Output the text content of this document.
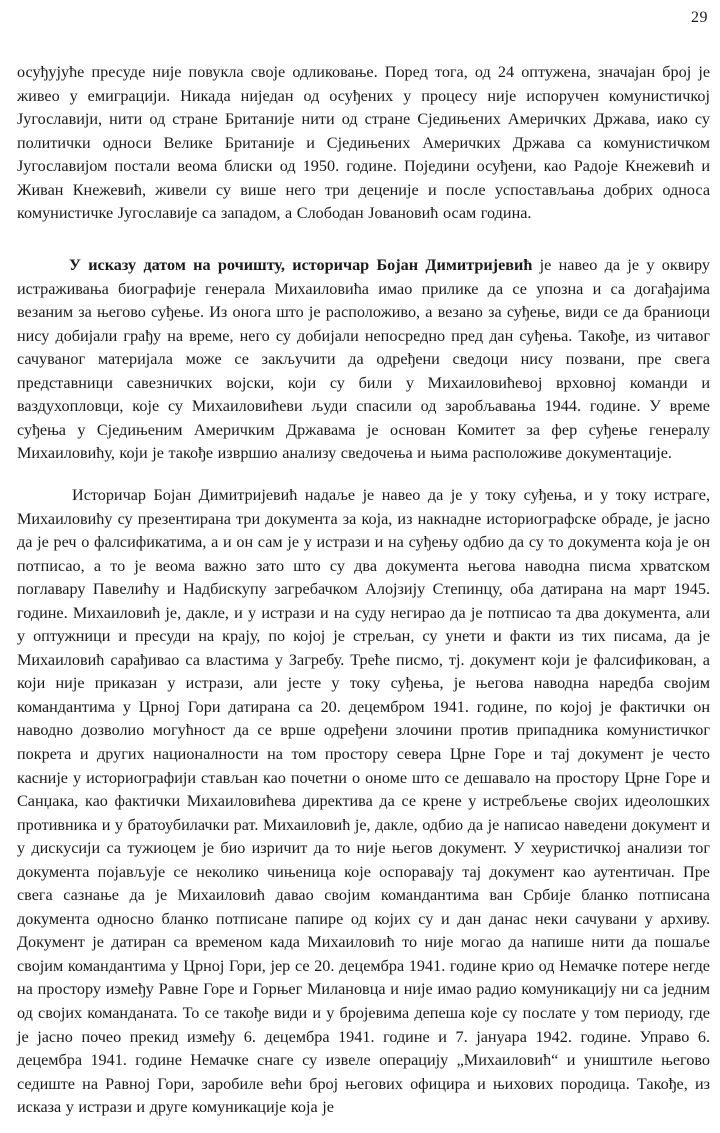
29

осуђујуће пресуде није повукла своје одликовање. Поред тога, од 24 оптужена, значајан број је живео у емиграцији. Никада ниједан од осуђених у процесу није испоручен комунистичкој Југославији, нити од стране Британије нити од стране Сједињених Америчких Држава, иако су политички односи Велике Британије и Сједињених Америчких Држава са комунистичком Југославијом постали веома блиски од 1950. године. Поједини осуђени, као Радоје Кнежевић и Живан Кнежевић, живели су више него три деценије и после успостављања добрих односа комунистичке Југославије са западом, а Слободан Јовановић осам година.

У исказу датом на рочишту, историчар Бојан Димитријевић је навео да је у оквиру истраживања биографије генерала Михаиловића имао прилике да се упозна и са догађајима везаним за његово суђење. Из онога што је расположиво, а везано за суђење, види се да браниоци нису добијали грађу на време, него су добијали непосредно пред дан суђења. Такође, из читавог сачуваног материјала може се закључити да одређени сведоци нису позвани, пре свега представници савезничких војски, који су били у Михаиловићевој врховној команди и ваздухопловци, које су Михаиловићеви људи спасили од заробљавања 1944. године. У време суђења у Сједињеним Америчким Државама је основан Комитет за фер суђење генералу Михаиловићу, који је такође извршио анализу сведочења и њима расположиве документације.

Историчар Бојан Димитријевић надаље је навео да је у току суђења, и у току истраге, Михаиловићу су презентирана три документа за која, из накнадне историографске обраде, је јасно да је реч о фалсификатима, а и он сам је у истрази и на суђењу одбио да су то документа која је он потписао, а то је веома важно зато што су два документа његова наводна писма хрватском поглавару Павелићу и Надбискупу загребачком Алојзију Степинцу, оба датирана на март 1945. године. Михаиловић је, дакле, и у истрази и на суду негирао да је потписао та два документа, али у оптужници и пресуди на крају, по којој је стрељан, су унети и факти из тих писама, да је Михаиловић сарађивао са властима у Загребу. Треће писмо, тј. документ који је фалсификован, а који није приказан у истрази, али јесте у току суђења, је његова наводна наредба својим командантима у Црној Гори датирана са 20. децембром 1941. године, по којој је фактички он наводно дозволио могућност да се врше одређени злочини против припадника комунистичког покрета и других националности на том простору севера Црне Горе и тај документ је често касније у историографији стављан као почетни о ономе што се дешавало на простору Црне Горе и Санџака, као фактички Михаиловићева директива да се крене у истребљење својих идеолошких противника и у братоубилачки рат. Михаиловић је, дакле, одбио да је написао наведени документ и у дискусији са тужиоцем је био изричит да то није његов документ. У хеуристичкој анализи тог документа појављује се неколико чињеница које оспоравају тај документ као аутентичан. Пре свега сазнање да је Михаиловић давао својим командантима ван Србије бланко потписана документа односно бланко потписане папире од којих су и дан данас неки сачувани у архиву. Документ је датиран са временом када Михаиловић то није могао да напише нити да пошаље својим командантима у Црној Гори, јер се 20. децембра 1941. године крио од Немачке потере негде на простору између Равне Горе и Горњег Милановца и није имао радио комуникацију ни са једним од својих команданата. То се такође види и у бројевима депеша које су послате у том периоду, где је јасно почео прекид између 6. децембра 1941. године и 7. јануара 1942. године. Управо 6. децембра 1941. године Немачке снаге су извеле операцију „Михаиловић“ и уништиле његово седиште на Равној Гори, заробиле већи број његових официра и њихових породица. Такође, из исказа у истрази и друге комуникације која је
